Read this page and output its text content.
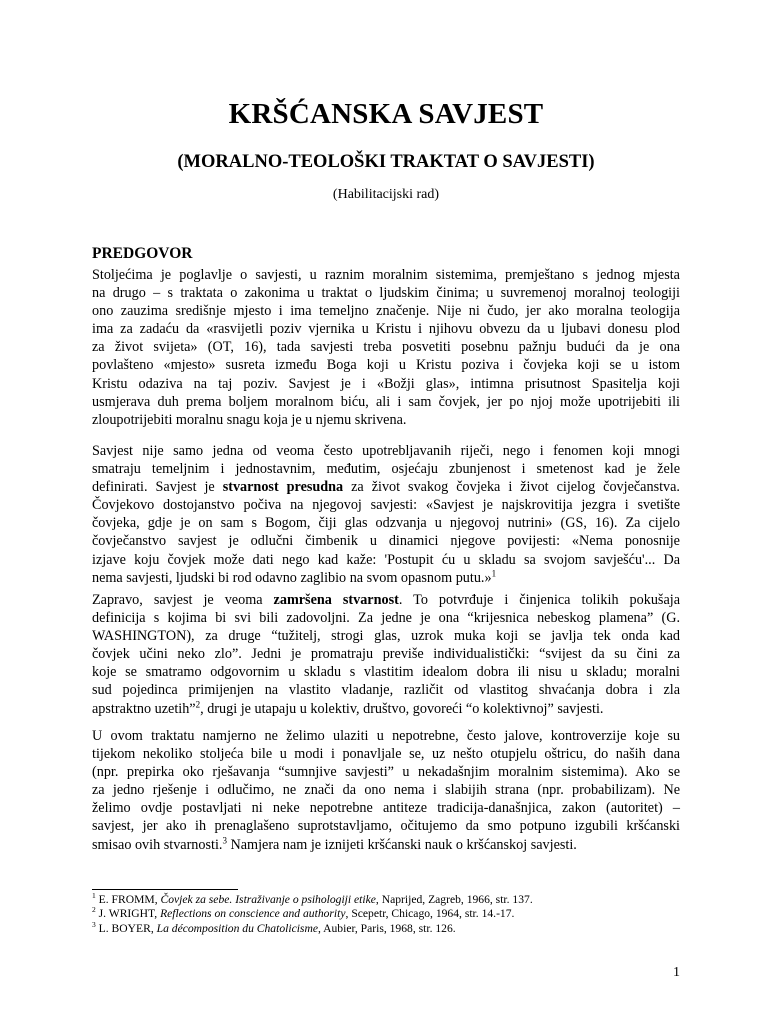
KRŠĆANSKA SAVJEST
(MORALNO-TEOLOŠKI TRAKTAT O SAVJESTI)
(Habilitacijski rad)
PREDGOVOR
Stoljećima je poglavlje o savjesti, u raznim moralnim sistemima, premještano s jednog mjesta
na drugo – s traktata o zakonima u traktat o ljudskim činima; u suvremenoj moralnoj teologiji
ono zauzima središnje mjesto i ima temeljno značenje. Nije ni čudo, jer ako moralna teologija
ima za zadaću da «rasvijetli poziv vjernika u Kristu i njihovu obvezu da u ljubavi donesu plod
za život svijeta» (OT, 16), tada savjesti treba posvetiti posebnu pažnju budući da je ona
povlašteno «mjesto» susreta između Boga koji u Kristu poziva i čovjeka koji se u istom
Kristu odaziva na taj poziv. Savjest je i «Božji glas», intimna prisutnost Spasitelja koji
usmjerava duh prema boljem moralnom biću, ali i sam čovjek, jer po njoj može upotrijebiti ili
zloupotrijebiti moralnu snagu koja je u njemu skrivena.
Savjest nije samo jedna od veoma često upotrebljavanih riječi, nego i fenomen koji mnogi
smatraju temeljnim i jednostavnim, međutim, osjećaju zbunjenost i smetenost kad je žele
definirati. Savjest je stvarnost presudna za život svakog čovjeka i život cijelog čovječanstva.
Čovjekovo dostojanstvo počiva na njegovoj savjesti: «Savjest je najskrovitija jezgra i svetište
čovjeka, gdje je on sam s Bogom, čiji glas odzvanja u njegovoj nutrini» (GS, 16). Za cijelo
čovječanstvo savjest je odlučni čimbenik u dinamici njegove povijesti: «Nema ponosnije
izjave koju čovjek može dati nego kad kaže: 'Postupit ću u skladu sa svojom savješću'... Da
nema savjesti, ljudski bi rod odavno zaglibio na svom opasnom putu.»$^1$
Zapravo, savjest je veoma zamršena stvarnost. To potvrđuje i činjenica tolikih pokušaja
definicija s kojima bi svi bili zadovoljni. Za jedne je ona “krijesnica nebeskog plamena” (G.
WASHINGTON), za druge “tužitelj, strogi glas, uzrok muka koji se javlja tek onda kad
čovjek učini neko zlo”. Jedni je promatraju previše individualistički: “svijest da su čini za
koje se smatramo odgovornim u skladu s vlastitim idealom dobra ili nisu u skladu; moralni
sud pojedinca primijenjen na vlastito vladanje, različit od vlastitog shvaćanja dobra i zla
apstraktno uzetih”$^2$, drugi je utapaju u kolektiv, društvo, govoreći “o kolektivnoj” savjesti.
U ovom traktatu namjerno ne želimo ulaziti u nepotrebne, često jalove, kontroverzije koje su
tijekom nekoliko stoljeća bile u modi i ponavljale se, uz nešto otupjelu oštricu, do naših dana
(npr. prepirka oko rješavanja “sumnjive savjesti” u nekadašnjim moralnim sistemima). Ako se
za jedno rješenje i odlučimo, ne znači da ono nema i slabijih strana (npr. probabilizam). Ne
želimo ovdje postavljati ni neke nepotrebne antiteze tradicija-današnjica, zakon (autoritet) –
savjest, jer ako ih prenaglašeno suprotstavljamo, očitujemo da smo potpuno izgubili kršćanski
smisao ovih stvarnosti.$^3$ Namjera nam je iznijeti kršćanski nauk o kršćanskoj savjesti.
$^1$ E. FROMM, Čovjek za sebe. Istraživanje o psihologiji etike, Naprijed, Zagreb, 1966, str. 137.
$^2$ J. WRIGHT, Reflections on conscience and authority, Scepetr, Chicago, 1964, str. 14.-17.
$^3$ L. BOYER, La décomposition du Chatolicisme, Aubier, Paris, 1968, str. 126.
1
